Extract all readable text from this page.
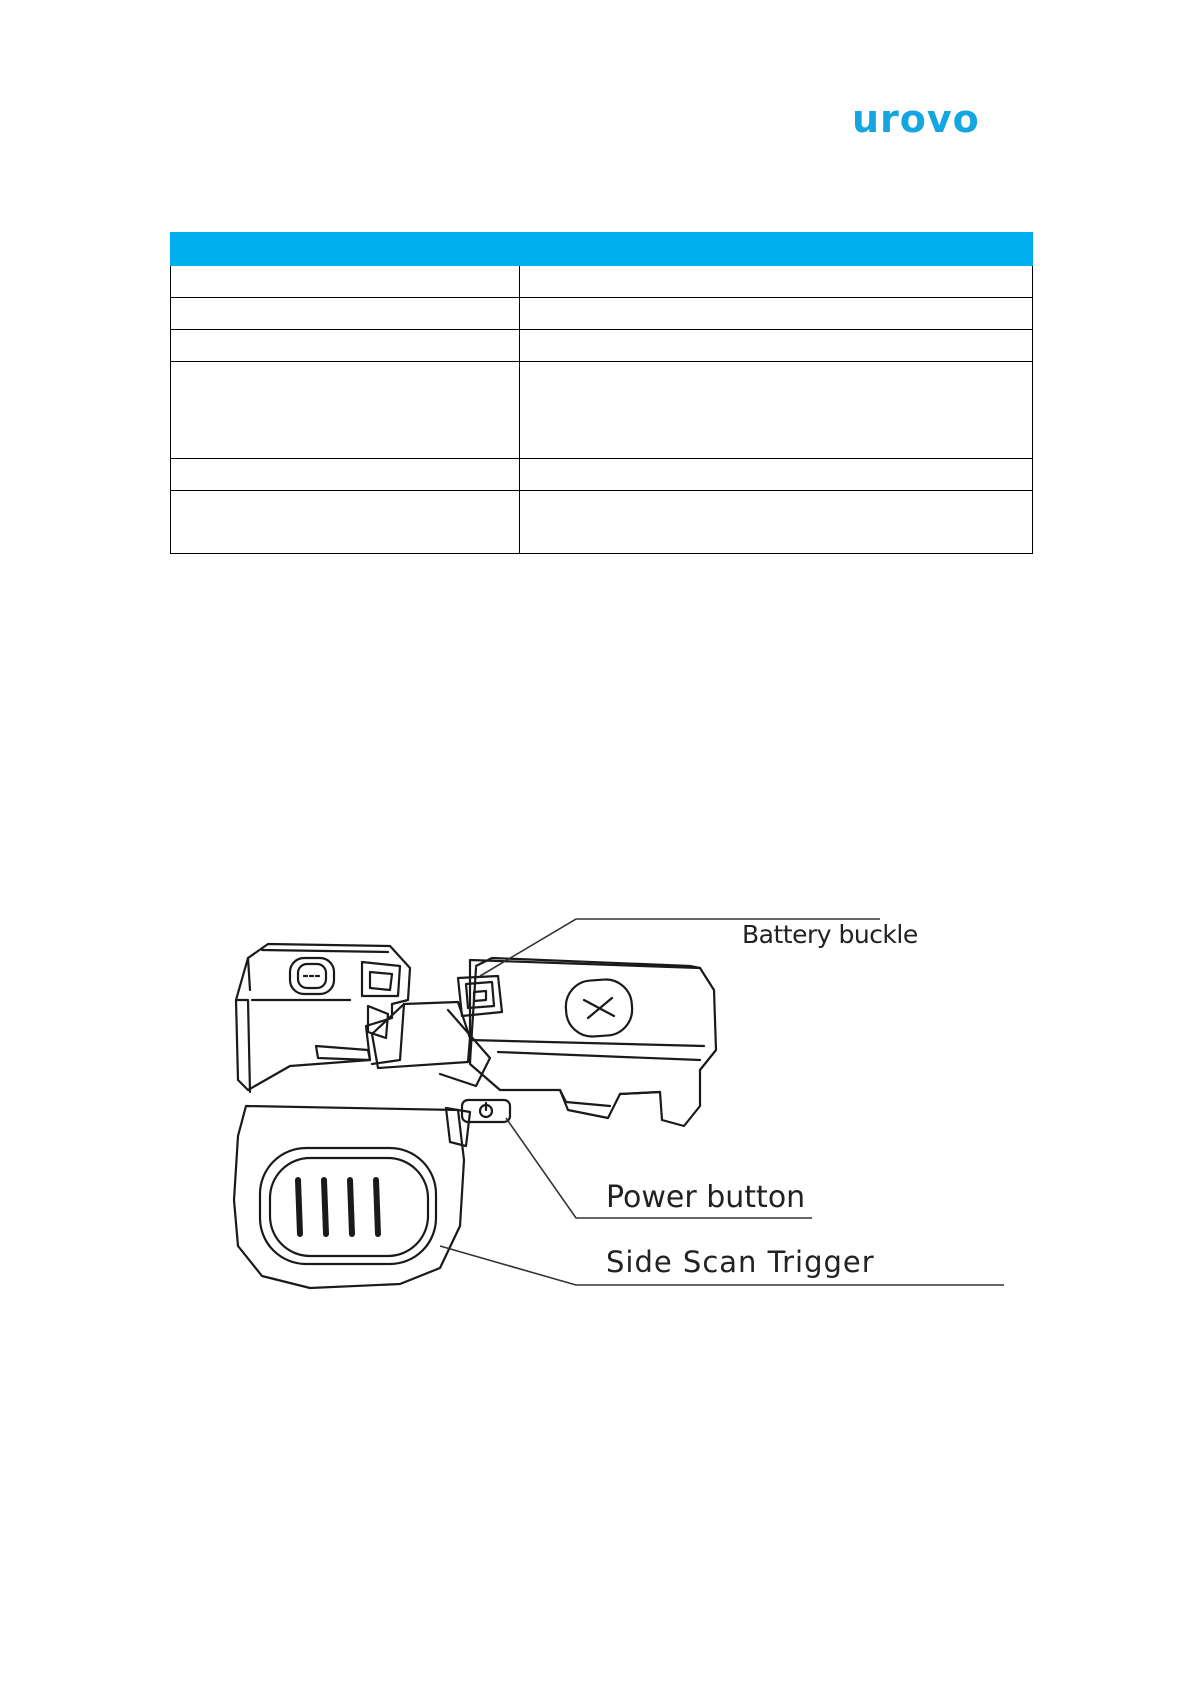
urovo

Battery buckle
Power button
Side Scan Trigger
